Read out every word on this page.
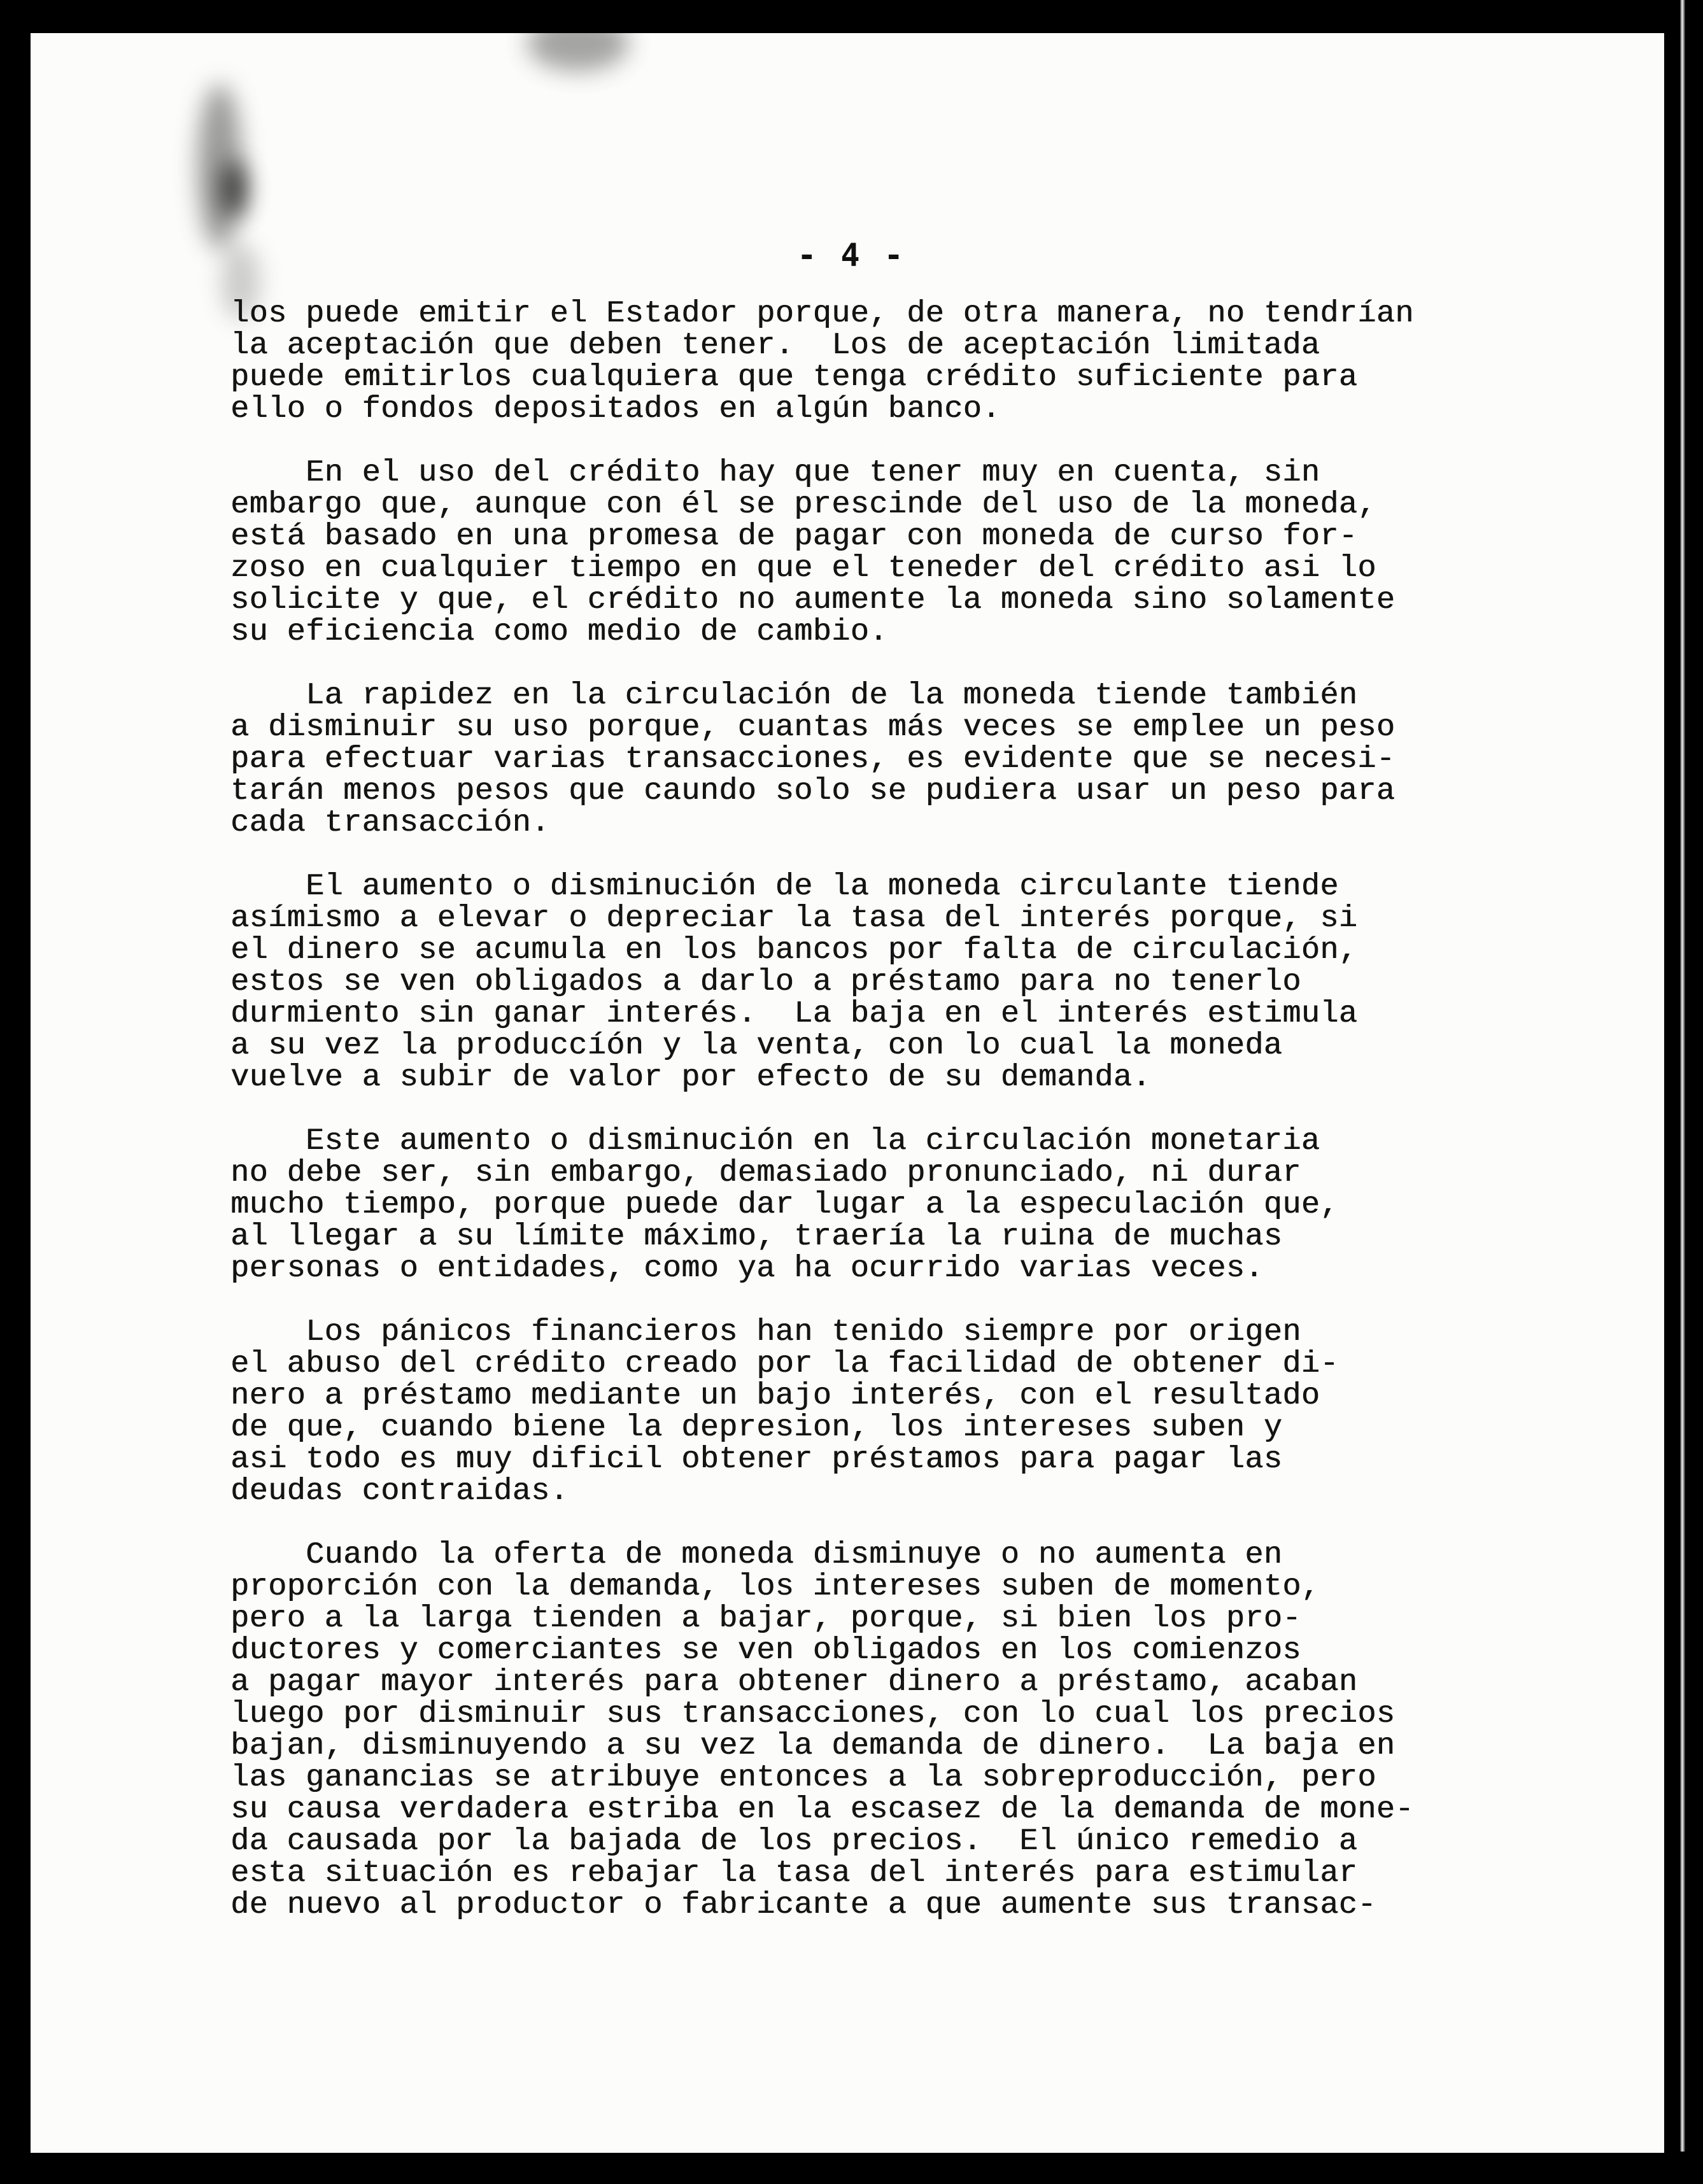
- 4 -
los puede emitir el Estador porque, de otra manera, no tendrían
la aceptación que deben tener.  Los de aceptación limitada
puede emitirlos cualquiera que tenga crédito suficiente para
ello o fondos depositados en algún banco.
En el uso del crédito hay que tener muy en cuenta, sin
embargo que, aunque con él se prescinde del uso de la moneda,
está basado en una promesa de pagar con moneda de curso for-
zoso en cualquier tiempo en que el teneder del crédito asi lo
solicite y que, el crédito no aumente la moneda sino solamente
su eficiencia como medio de cambio.
La rapidez en la circulación de la moneda tiende también
a disminuir su uso porque, cuantas más veces se emplee un peso
para efectuar varias transacciones, es evidente que se necesi-
tarán menos pesos que caundo solo se pudiera usar un peso para
cada transacción.
El aumento o disminución de la moneda circulante tiende
asímismo a elevar o depreciar la tasa del interés porque, si
el dinero se acumula en los bancos por falta de circulación,
estos se ven obligados a darlo a préstamo para no tenerlo
durmiento sin ganar interés.  La baja en el interés estimula
a su vez la produccíón y la venta, con lo cual la moneda
vuelve a subir de valor por efecto de su demanda.
Este aumento o disminución en la circulación monetaria
no debe ser, sin embargo, demasiado pronunciado, ni durar
mucho tiempo, porque puede dar lugar a la especulación que,
al llegar a su límite máximo, traería la ruina de muchas
personas o entidades, como ya ha ocurrido varias veces.
Los pánicos financieros han tenido siempre por origen
el abuso del crédito creado por la facilidad de obtener di-
nero a préstamo mediante un bajo interés, con el resultado
de que, cuando biene la depresion, los intereses suben y
asi todo es muy dificil obtener préstamos para pagar las
deudas contraidas.
Cuando la oferta de moneda disminuye o no aumenta en
proporción con la demanda, los intereses suben de momento,
pero a la larga tienden a bajar, porque, si bien los pro-
ductores y comerciantes se ven obligados en los comienzos
a pagar mayor interés para obtener dinero a préstamo, acaban
luego por disminuir sus transacciones, con lo cual los precios
bajan, disminuyendo a su vez la demanda de dinero.  La baja en
las ganancias se atribuye entonces a la sobreproducción, pero
su causa verdadera estriba en la escasez de la demanda de mone-
da causada por la bajada de los precios.  El único remedio a
esta situación es rebajar la tasa del interés para estimular
de nuevo al productor o fabricante a que aumente sus transac-
